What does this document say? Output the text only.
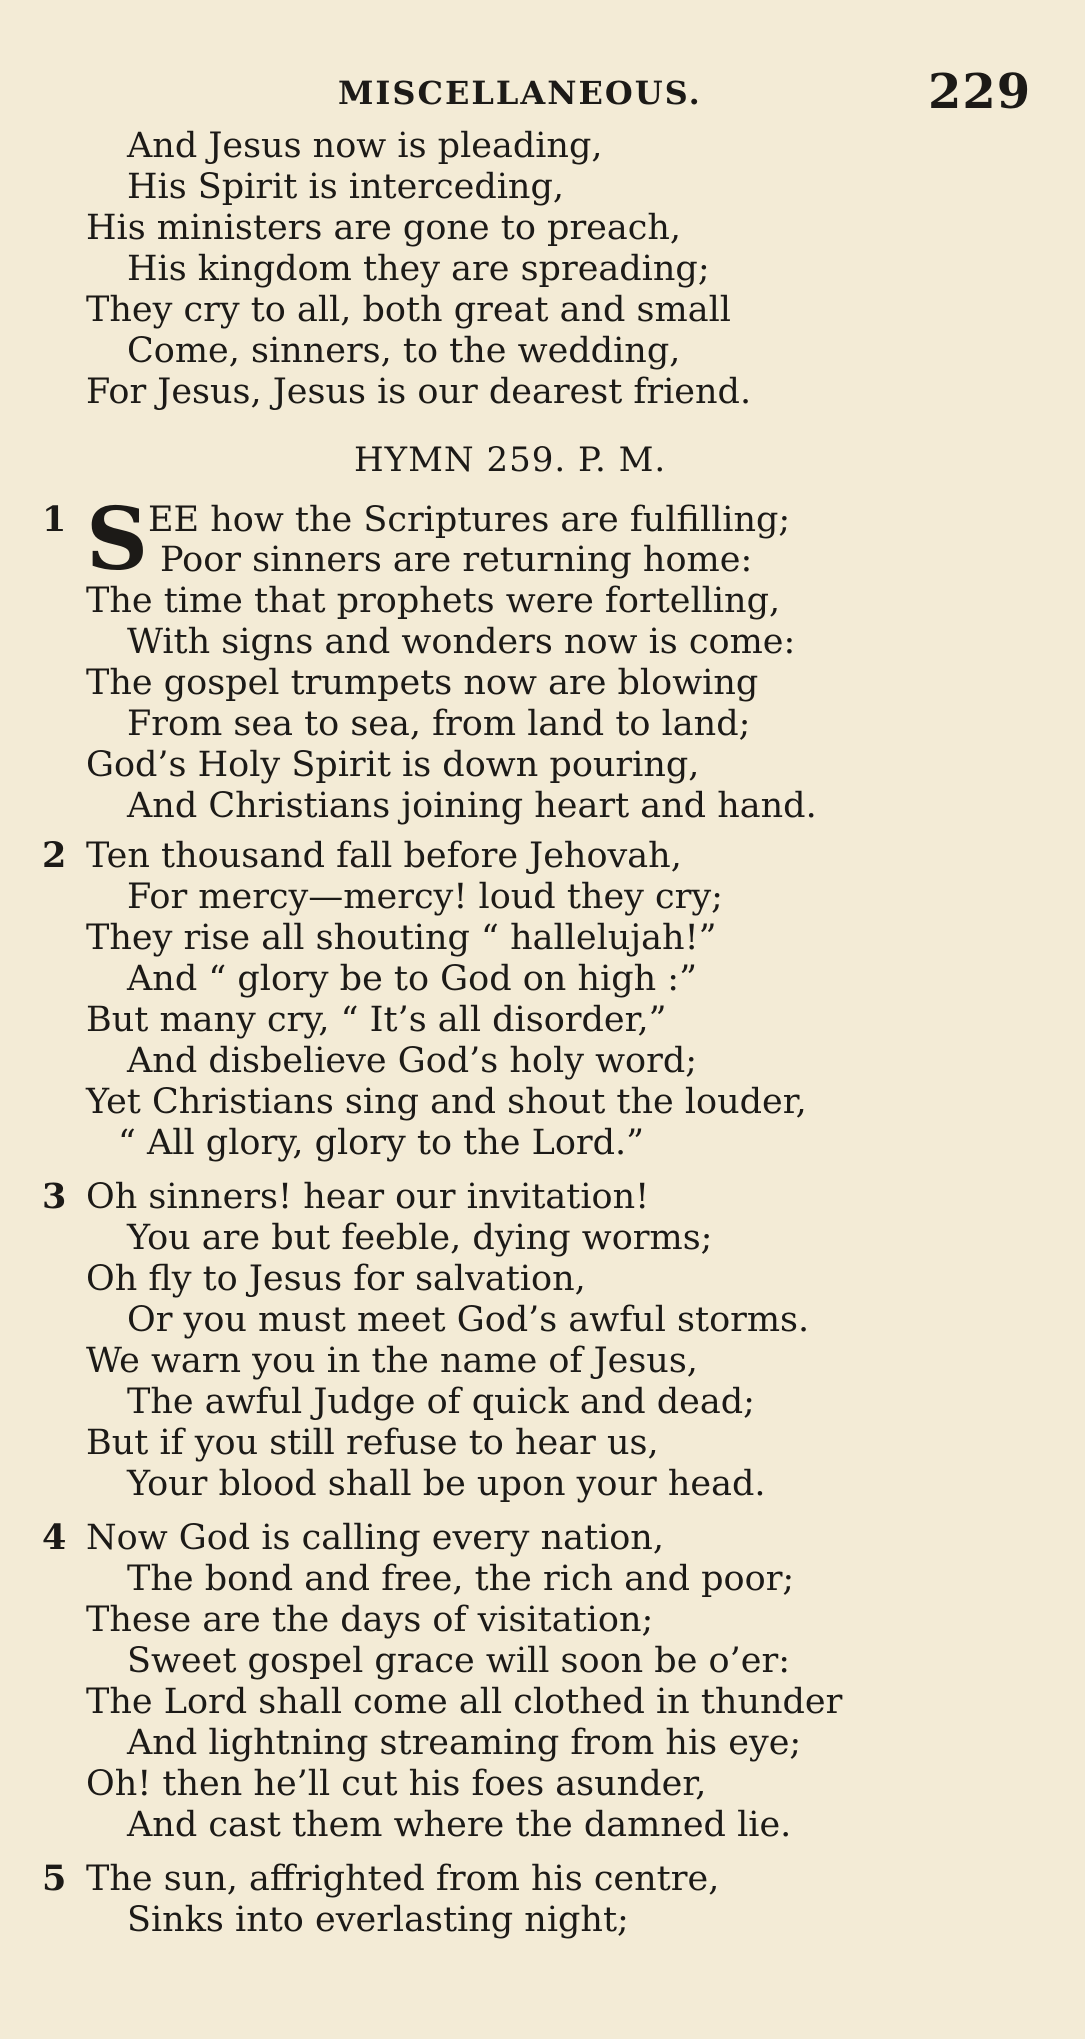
MISCELLANEOUS.	229
And Jesus now is pleading,
His Spirit is interceding,
His ministers are gone to preach,
His kingdom they are spreading;
They cry to all, both great and small
Come, sinners, to the wedding,
For Jesus, Jesus is our dearest friend.
HYMN 259. P. M.
1 S EE how the Scriptures are fulfilling;
Poor sinners are returning home:
The time that prophets were fortelling,
With signs and wonders now is come:
The gospel trumpets now are blowing
From sea to sea, from land to land;
God’s Holy Spirit is down pouring,
And Christians joining heart and hand.
2 Ten thousand fall before Jehovah,
For mercy—mercy! loud they cry;
They rise all shouting “ hallelujah!”
And “ glory be to God on high :”
But many cry, “ It’s all disorder,”
And disbelieve God’s holy word;
Yet Christians sing and shout the louder,
“ All glory, glory to the Lord.”
3 Oh sinners! hear our invitation!
You are but feeble, dying worms;
Oh fly to Jesus for salvation,
Or you must meet God’s awful storms.
We warn you in the name of Jesus,
The awful Judge of quick and dead;
But if you still refuse to hear us,
Your blood shall be upon your head.
4 Now God is calling every nation,
The bond and free, the rich and poor;
These are the days of visitation;
Sweet gospel grace will soon be o’er:
The Lord shall come all clothed in thunder
And lightning streaming from his eye;
Oh! then he’ll cut his foes asunder,
And cast them where the damned lie.
5 The sun, affrighted from his centre,
Sinks into everlasting night;
